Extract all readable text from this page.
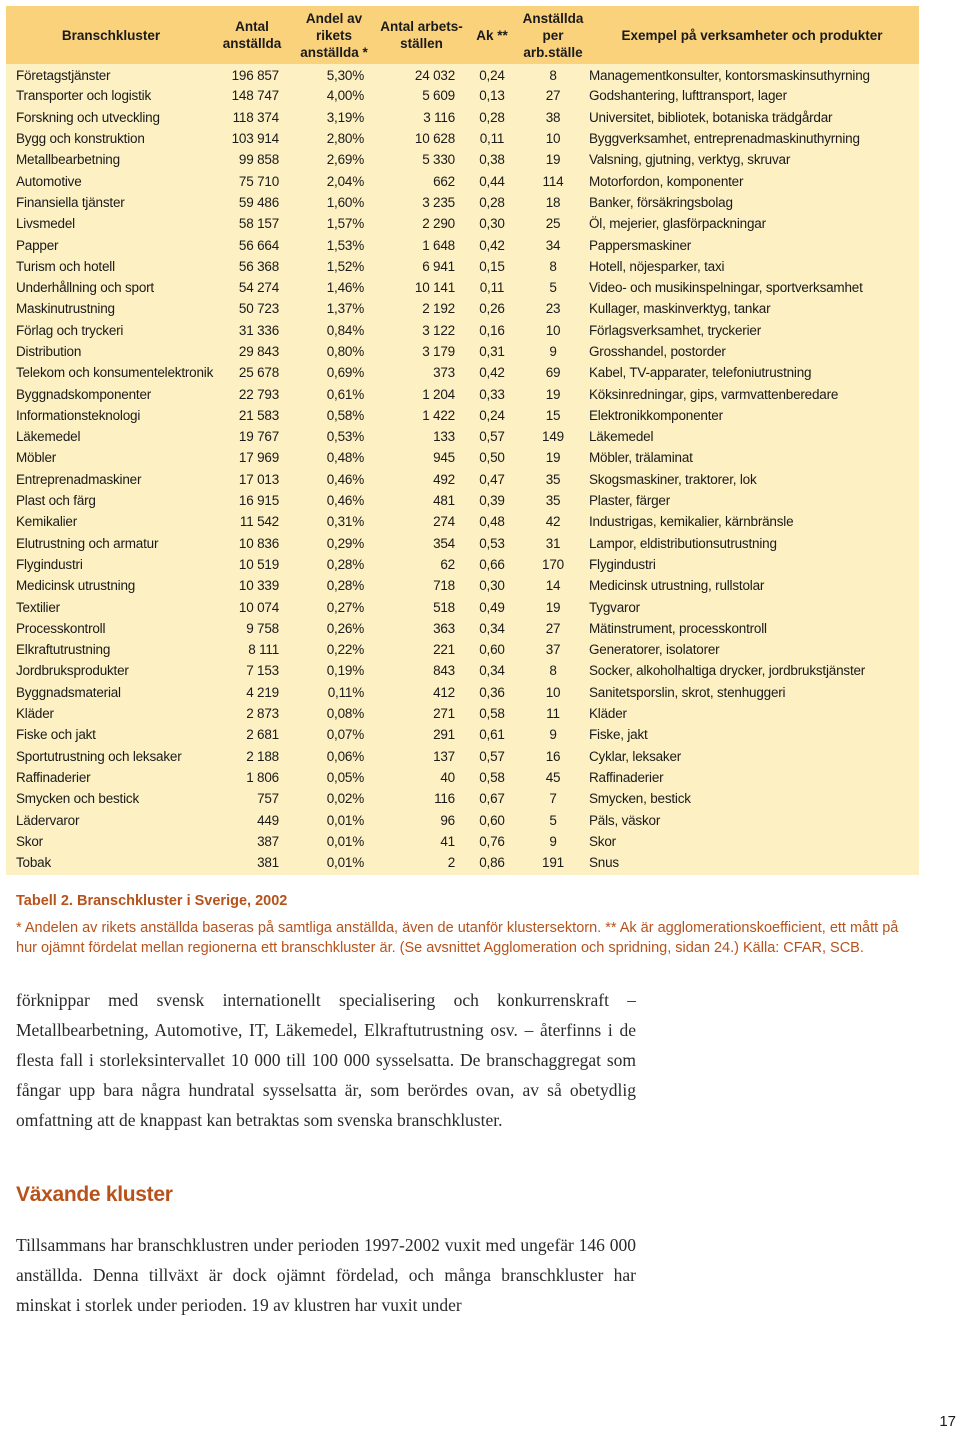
Branschkluster	Antal anställda	Andel av rikets anställda *	Antal arbets-ställen	Ak **	Anställda per arb.ställe	Exempel på verksamheter och produkter
Företagstjänster	196 857	5,30%	24 032	0,24	8	Managementkonsulter, kontorsmaskinsuthyrning
Transporter och logistik	148 747	4,00%	5 609	0,13	27	Godshantering, lufttransport, lager
Forskning och utveckling	118 374	3,19%	3 116	0,28	38	Universitet, bibliotek, botaniska trädgårdar
Bygg och konstruktion	103 914	2,80%	10 628	0,11	10	Byggverksamhet, entreprenadmaskinuthyrning
Metallbearbetning	99 858	2,69%	5 330	0,38	19	Valsning, gjutning, verktyg, skruvar
Automotive	75 710	2,04%	662	0,44	114	Motorfordon, komponenter
Finansiella tjänster	59 486	1,60%	3 235	0,28	18	Banker, försäkringsbolag
Livsmedel	58 157	1,57%	2 290	0,30	25	Öl, mejerier, glasförpackningar
Papper	56 664	1,53%	1 648	0,42	34	Pappersmaskiner
Turism och hotell	56 368	1,52%	6 941	0,15	8	Hotell, nöjesparker, taxi
Underhållning och sport	54 274	1,46%	10 141	0,11	5	Video- och musikinspelningar, sportverksamhet
Maskinutrustning	50 723	1,37%	2 192	0,26	23	Kullager, maskinverktyg, tankar
Förlag och tryckeri	31 336	0,84%	3 122	0,16	10	Förlagsverksamhet, tryckerier
Distribution	29 843	0,80%	3 179	0,31	9	Grosshandel, postorder
Telekom och konsumentelektronik	25 678	0,69%	373	0,42	69	Kabel, TV-apparater, telefoniutrustning
Byggnadskomponenter	22 793	0,61%	1 204	0,33	19	Köksinredningar, gips, varmvattenberedare
Informationsteknologi	21 583	0,58%	1 422	0,24	15	Elektronikkomponenter
Läkemedel	19 767	0,53%	133	0,57	149	Läkemedel
Möbler	17 969	0,48%	945	0,50	19	Möbler, trälaminat
Entreprenadmaskiner	17 013	0,46%	492	0,47	35	Skogsmaskiner, traktorer, lok
Plast och färg	16 915	0,46%	481	0,39	35	Plaster, färger
Kemikalier	11 542	0,31%	274	0,48	42	Industrigas, kemikalier, kärnbränsle
Elutrustning och armatur	10 836	0,29%	354	0,53	31	Lampor, eldistributionsutrustning
Flygindustri	10 519	0,28%	62	0,66	170	Flygindustri
Medicinsk utrustning	10 339	0,28%	718	0,30	14	Medicinsk utrustning, rullstolar
Textilier	10 074	0,27%	518	0,49	19	Tygvaror
Processkontroll	9 758	0,26%	363	0,34	27	Mätinstrument, processkontroll
Elkraftutrustning	8 111	0,22%	221	0,60	37	Generatorer, isolatorer
Jordbruksprodukter	7 153	0,19%	843	0,34	8	Socker, alkoholhaltiga drycker, jordbrukstjänster
Byggnadsmaterial	4 219	0,11%	412	0,36	10	Sanitetsporslin, skrot, stenhuggeri
Kläder	2 873	0,08%	271	0,58	11	Kläder
Fiske och jakt	2 681	0,07%	291	0,61	9	Fiske, jakt
Sportutrustning och leksaker	2 188	0,06%	137	0,57	16	Cyklar, leksaker
Raffinaderier	1 806	0,05%	40	0,58	45	Raffinaderier
Smycken och bestick	757	0,02%	116	0,67	7	Smycken, bestick
Lädervaror	449	0,01%	96	0,60	5	Päls, väskor
Skor	387	0,01%	41	0,76	9	Skor
Tobak	381	0,01%	2	0,86	191	Snus
Tabell 2. Branschkluster i Sverige, 2002
* Andelen av rikets anställda baseras på samtliga anställda, även de utanför klustersektorn. ** Ak är agglomerationskoefficient, ett mått på hur ojämnt fördelat mellan regionerna ett branschkluster är. (Se avsnittet Agglomeration och spridning, sidan 24.) Källa: CFAR, SCB.
förknippar med svensk internationellt specialisering och konkurrenskraft – Metallbearbetning, Automotive, IT, Läkemedel, Elkraftutrustning osv. – återfinns i de flesta fall i storleksintervallet 10 000 till 100 000 sysselsatta. De branschaggregat som fångar upp bara några hundratal sysselsatta är, som berördes ovan, av så obetydlig omfattning att de knappast kan betraktas som svenska branschkluster.
Växande kluster
Tillsammans har branschklustren under perioden 1997-2002 vuxit med ungefär 146 000 anställda. Denna tillväxt är dock ojämnt fördelad, och många branschkluster har minskat i storlek under perioden. 19 av klustren har vuxit under
17
